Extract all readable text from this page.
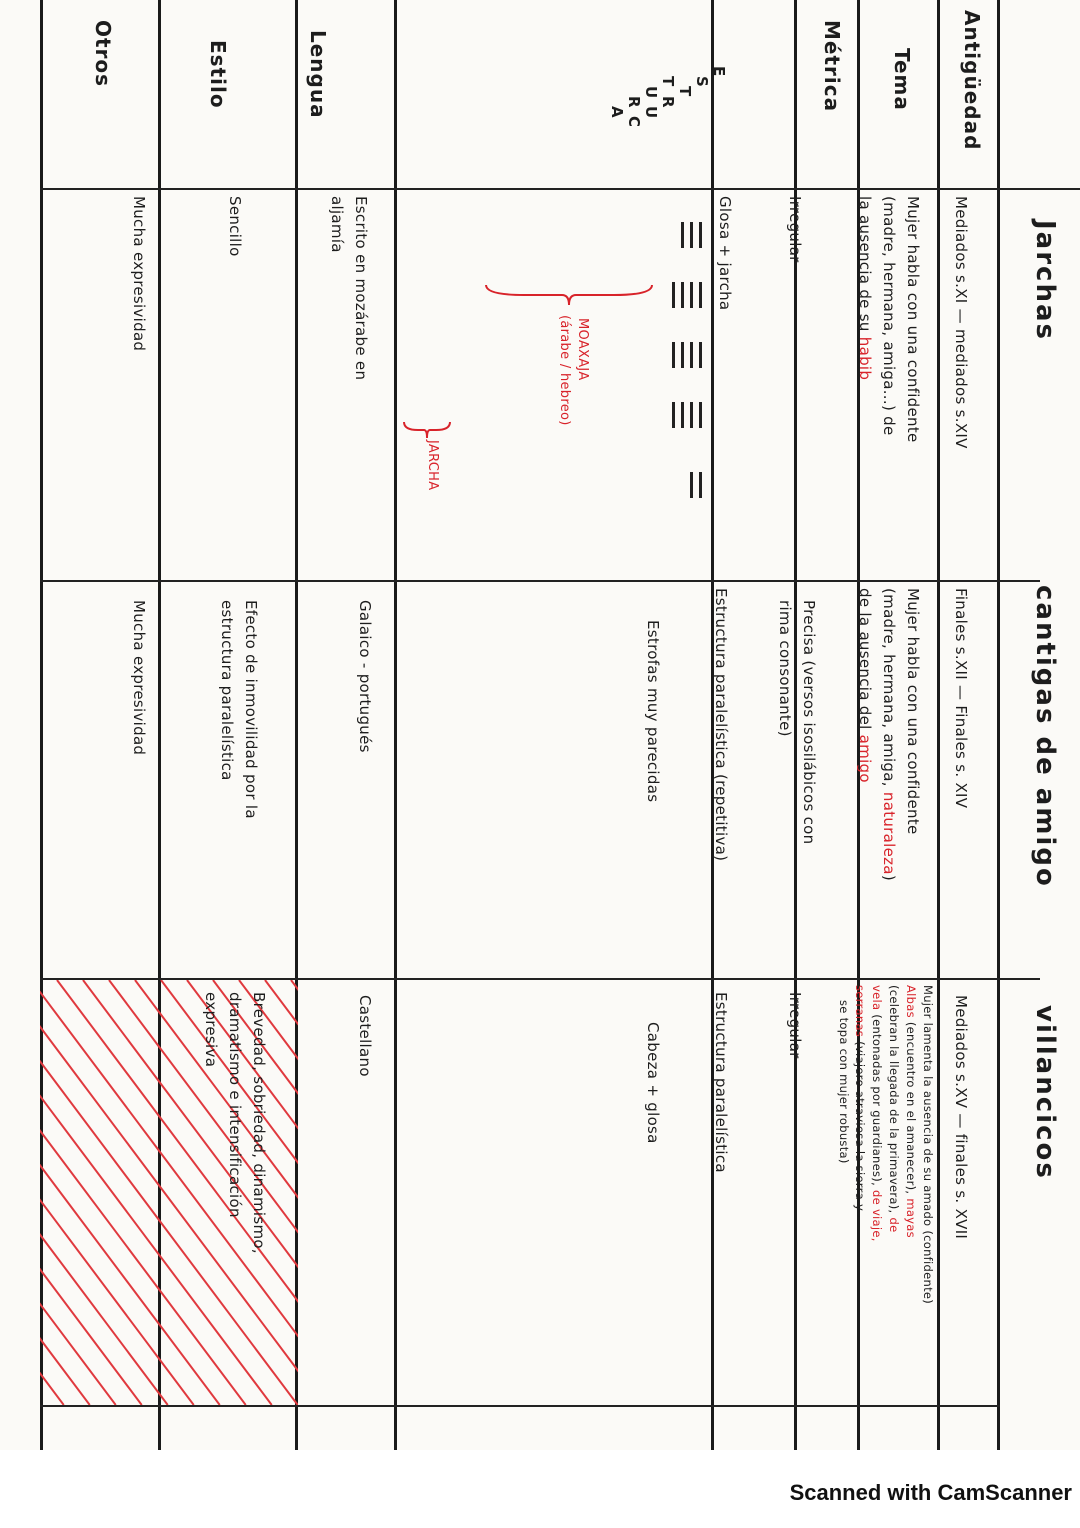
Jarchas
cantigas de amigo
villancicos
Antigüedad
Tema
Métrica
Lengua
Estilo
Otros	E
S
T
R
U
C
T
U
R
A
Mediados s.XI — mediados s.XIV
Mujer habla con una confidente
(madre, hermana, amiga...) de
la ausencia de su habib
Irregular
Glosa + jarcha
MOAXAJA
(árabe / hebreo)
JARCHA
Escrito en mozárabe en
aljamía
Sencillo
Mucha expresividad
Finales s.XII — Finales s. XIV
Mujer habla con una confidente
(madre, hermana, amiga, naturaleza)
de la ausencia del amigo
Precisa (versos isosilábicos con
rima consonante)
Estructura paralelística (repetitiva)
Estrofas muy parecidas
Galaico - portugués
Efecto de inmovilidad por la
estructura paralelística
Mucha expresividad
Mediados s.XV — finales s. XVII
Mujer lamenta la ausencia de su amado (confidente)
Albas (encuentro en el amanecer), mayas
(celebran la llegada de la primavera), de
vela (entonadas por guardianes), de viaje,
serranas (viajero atraviesa la sierra y
se topa con mujer robusta)
Irregular
Estructura paralelística
Cabeza + glosa
Castellano
Brevedad, sobriedad, dinamismo,
dramatismo e intensificación
expresiva
Scanned with CamScanner
